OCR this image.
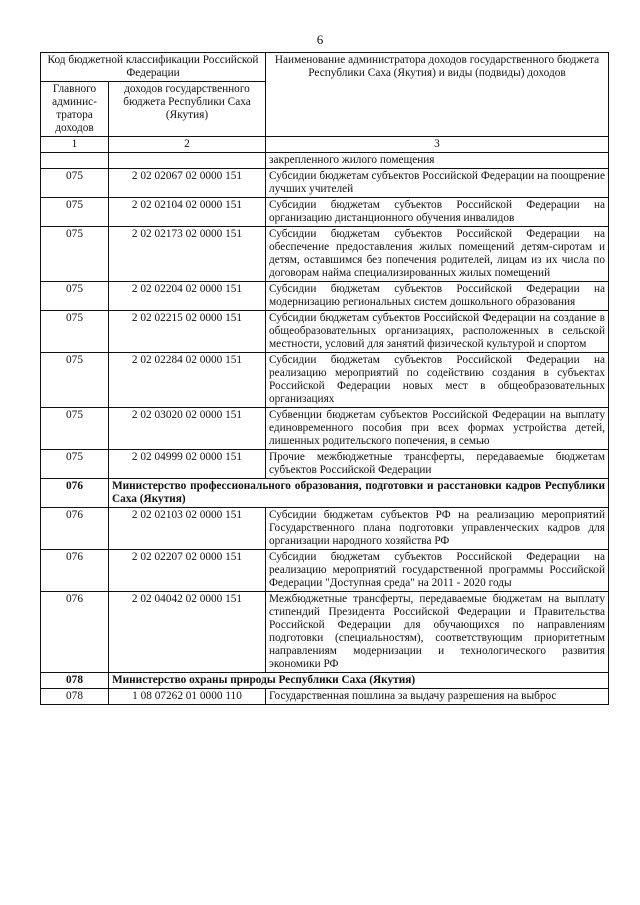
6
Код бюджетной классификации Российской Федерации		Наименование администратора доходов государственного бюджета Республики Саха (Якутия) и виды (подвиды) доходов
Главного админис-тратора доходов	доходов государственного бюджета Республики Саха (Якутия)	
1	2	3
		закрепленного жилого помещения
075	2 02 02067 02 0000 151	Субсидии бюджетам субъектов Российской Федерации на поощрение лучших учителей
075	2 02 02104 02 0000 151	Субсидии бюджетам субъектов Российской Федерации на организацию дистанционного обучения инвалидов
075	2 02 02173 02 0000 151	Субсидии бюджетам субъектов Российской Федерации на обеспечение предоставления жилых помещений детям-сиротам и детям, оставшимся без попечения родителей, лицам из их числа по договорам найма специализированных жилых помещений
075	2 02 02204 02 0000 151	Субсидии бюджетам субъектов Российской Федерации на модернизацию региональных систем дошкольного образования
075	2 02 02215 02 0000 151	Субсидии бюджетам субъектов Российской Федерации на создание в общеобразовательных организациях, расположенных в сельской местности, условий для занятий физической культурой и спортом
075	2 02 02284 02 0000 151	Субсидии бюджетам субъектов Российской Федерации на реализацию мероприятий по содействию создания в субъектах Российской Федерации новых мест в общеобразовательных организациях
075	2 02 03020 02 0000 151	Субвенции бюджетам субъектов Российской Федерации на выплату единовременного пособия при всех формах устройства детей, лишенных родительского попечения, в семью
075	2 02 04999 02 0000 151	Прочие межбюджетные трансферты, передаваемые бюджетам субъектов Российской Федерации
076	Министерство профессионального образования, подготовки и расстановки кадров Республики Саха (Якутия)	
076	2 02 02103 02 0000 151	Субсидии бюджетам субъектов РФ на реализацию мероприятий Государственного плана подготовки управленческих кадров для организации народного хозяйства РФ
076	2 02 02207 02 0000 151	Субсидии бюджетам субъектов Российской Федерации на реализацию мероприятий государственной программы Российской Федерации "Доступная среда" на 2011 - 2020 годы
076	2 02 04042 02 0000 151	Межбюджетные трансферты, передаваемые бюджетам на выплату стипендий Президента Российской Федерации и Правительства Российской Федерации для обучающихся по направлениям подготовки (специальностям), соответствующим приоритетным направлениям модернизации и технологического развития экономики РФ
078	Министерство охраны природы Республики Саха (Якутия)	
078	1 08 07262 01 0000 110	Государственная пошлина за выдачу разрешения на выброс
